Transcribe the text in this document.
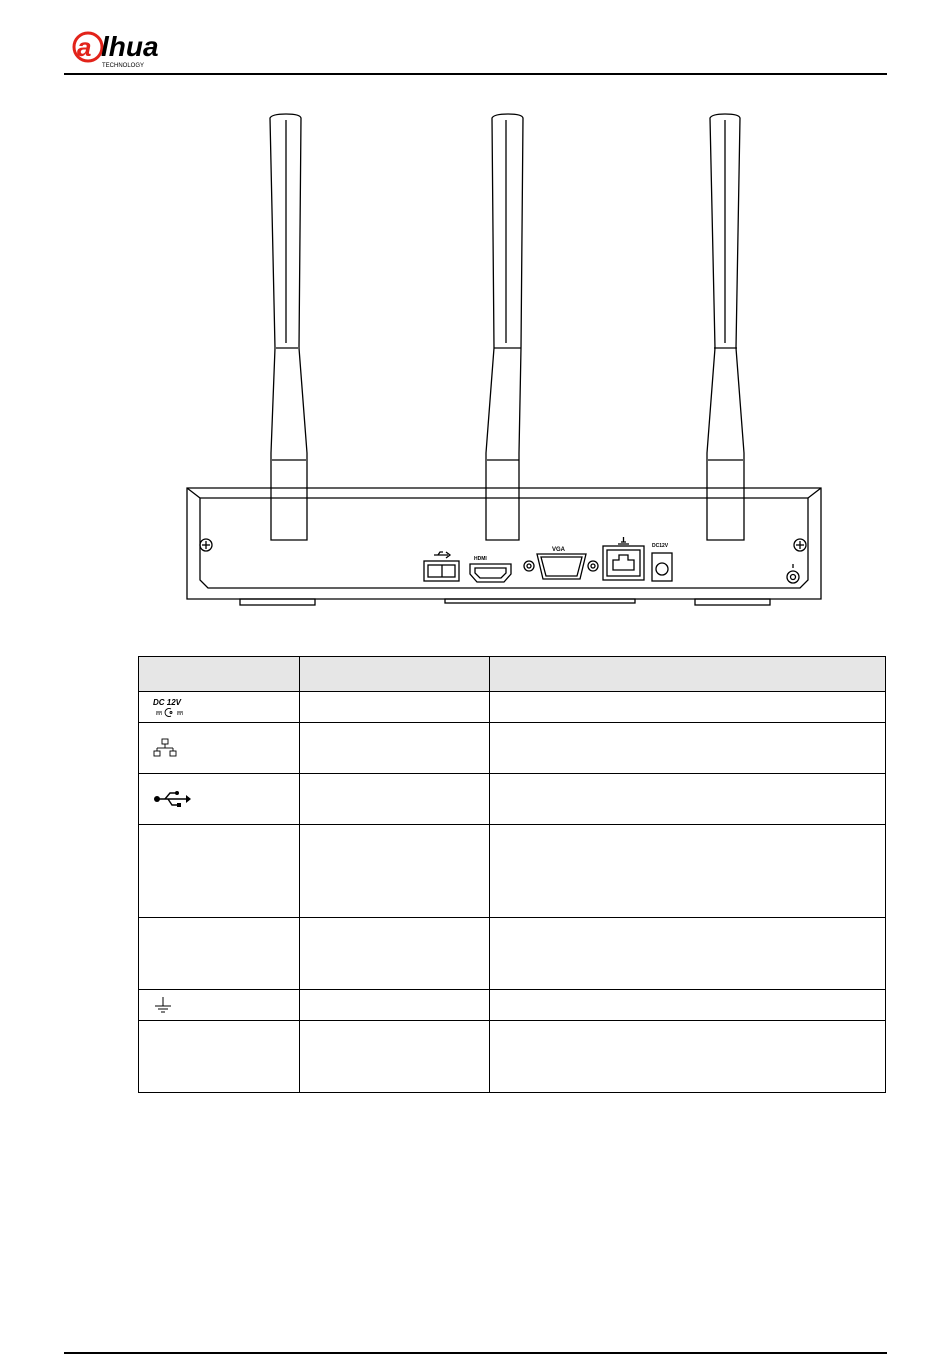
a lhua
TECHNOLOGY
HDMI
VGA
DC12V

DC 12V		
